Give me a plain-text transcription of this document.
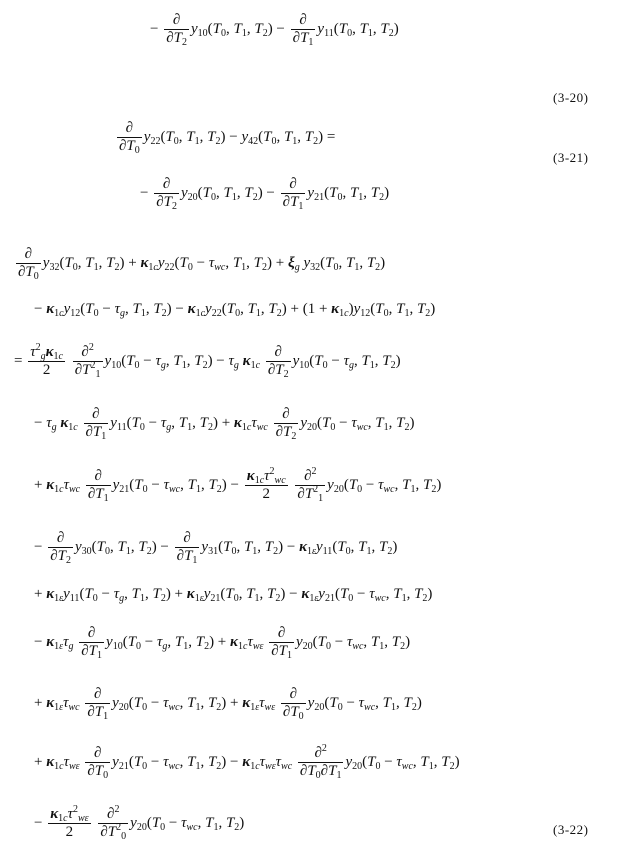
− $\frac{\partial}{\partial T_2} y_{10}(T_0$, $T_1$, $T_2) - \frac{\partial}{\partial T_1} y_{11}(T_0$, $T_1$, $T_2$)
(3-20)
$\frac{\partial}{\partial T_0} y_{22}(T_0$, $T_1$, $T_2) - y_{42}(T_0$, $T_1$, $T_2$) =
(3-21)
− $\frac{\partial}{\partial T_2} y_{20}(T_0$, $T_1$, $T_2) - \frac{\partial}{\partial T_1} y_{21}(T_0$, $T_1$, $T_2$)
$\frac{\partial}{\partial T_0} y_{32}(T_0$, $T_1$, $T_2) + \kappa_{1c}y_{22}(T_0 - \tau_{wc}$, $T_1$, $T_2) + \xi_g$ $y_{32}(T_0$, $T_1$, $T_2$)
− $\kappa_{1c}y_{12}(T_0 - \tau_g$, $T_1$, $T_2) - \kappa_{1c}y_{22}(T_0$, $T_1$, $T_2) + (1 + \kappa_{1c})y_{12}(T_0$, $T_1$, $T_2$)
= $\frac{\tau^2_g\kappa_{1c}}{2}$
$\frac{\partial^2}{\partial T^2_1} y_{10}(T_0 - \tau_g$, $T_1$, $T_2) - \tau_g$ $\kappa_{1c} \frac{\partial}{\partial T_2} y_{10}(T_0 - \tau_g$, $T_1$, $T_2$)
− $\tau_g$ $\kappa_{1c} \frac{\partial}{\partial T_1} y_{11}(T_0 - \tau_g$, $T_1$, $T_2) + \kappa_{1c}\tau_{wc} \frac{\partial}{\partial T_2} y_{20}(T_0 - \tau_{wc}$, $T_1$, $T_2$)
+ $\kappa_{1c}\tau_{wc} \frac{\partial}{\partial T_1} y_{21}(T_0 - \tau_{wc}$, $T_1$, $T_2) - \frac{\kappa_{1c}\tau^2_{wc}}{2}$
$\frac{\partial^2}{\partial T^2_1} y_{20}(T_0 - \tau_{wc}$, $T_1$, $T_2$)
− $\frac{\partial}{\partial T_2} y_{30}(T_0$, $T_1$, $T_2) - \frac{\partial}{\partial T_1} y_{31}(T_0$, $T_1$, $T_2) - \kappa_{1\varepsilon}y_{11}(T_0$, $T_1$, $T_2$)
+ $\kappa_{1\varepsilon}y_{11}(T_0 - \tau_g$, $T_1$, $T_2) + \kappa_{1\varepsilon}y_{21}(T_0$, $T_1$, $T_2) - \kappa_{1\varepsilon}y_{21}(T_0 - \tau_{wc}$, $T_1$, $T_2$)
− $\kappa_{1\varepsilon}\tau_g \frac{\partial}{\partial T_1} y_{10}(T_0 - \tau_g$, $T_1$, $T_2) + \kappa_{1c}\tau_{w\varepsilon} \frac{\partial}{\partial T_1} y_{20}(T_0 - \tau_{wc}$, $T_1$, $T_2$)
+ $\kappa_{1\varepsilon}\tau_{wc} \frac{\partial}{\partial T_1} y_{20}(T_0 - \tau_{wc}$, $T_1$, $T_2) + \kappa_{1\varepsilon}\tau_{w\varepsilon} \frac{\partial}{\partial T_0} y_{20}(T_0 - \tau_{wc}$, $T_1$, $T_2$)
+ $\kappa_{1c}\tau_{w\varepsilon} \frac{\partial}{\partial T_0} y_{21}(T_0 - \tau_{wc}$, $T_1$, $T_2) - \kappa_{1c}\tau_{w\varepsilon}\tau_{wc} \frac{\partial^2}{\partial T_0\partial T_1} y_{20}(T_0 - \tau_{wc}$, $T_1$, $T_2$)
− $\frac{\kappa_{1c}\tau^2_{w\varepsilon}}{2}$
$\frac{\partial^2}{\partial T^2_0} y_{20}(T_0 - \tau_{wc}$, $T_1$, $T_2$)	(3-22)
